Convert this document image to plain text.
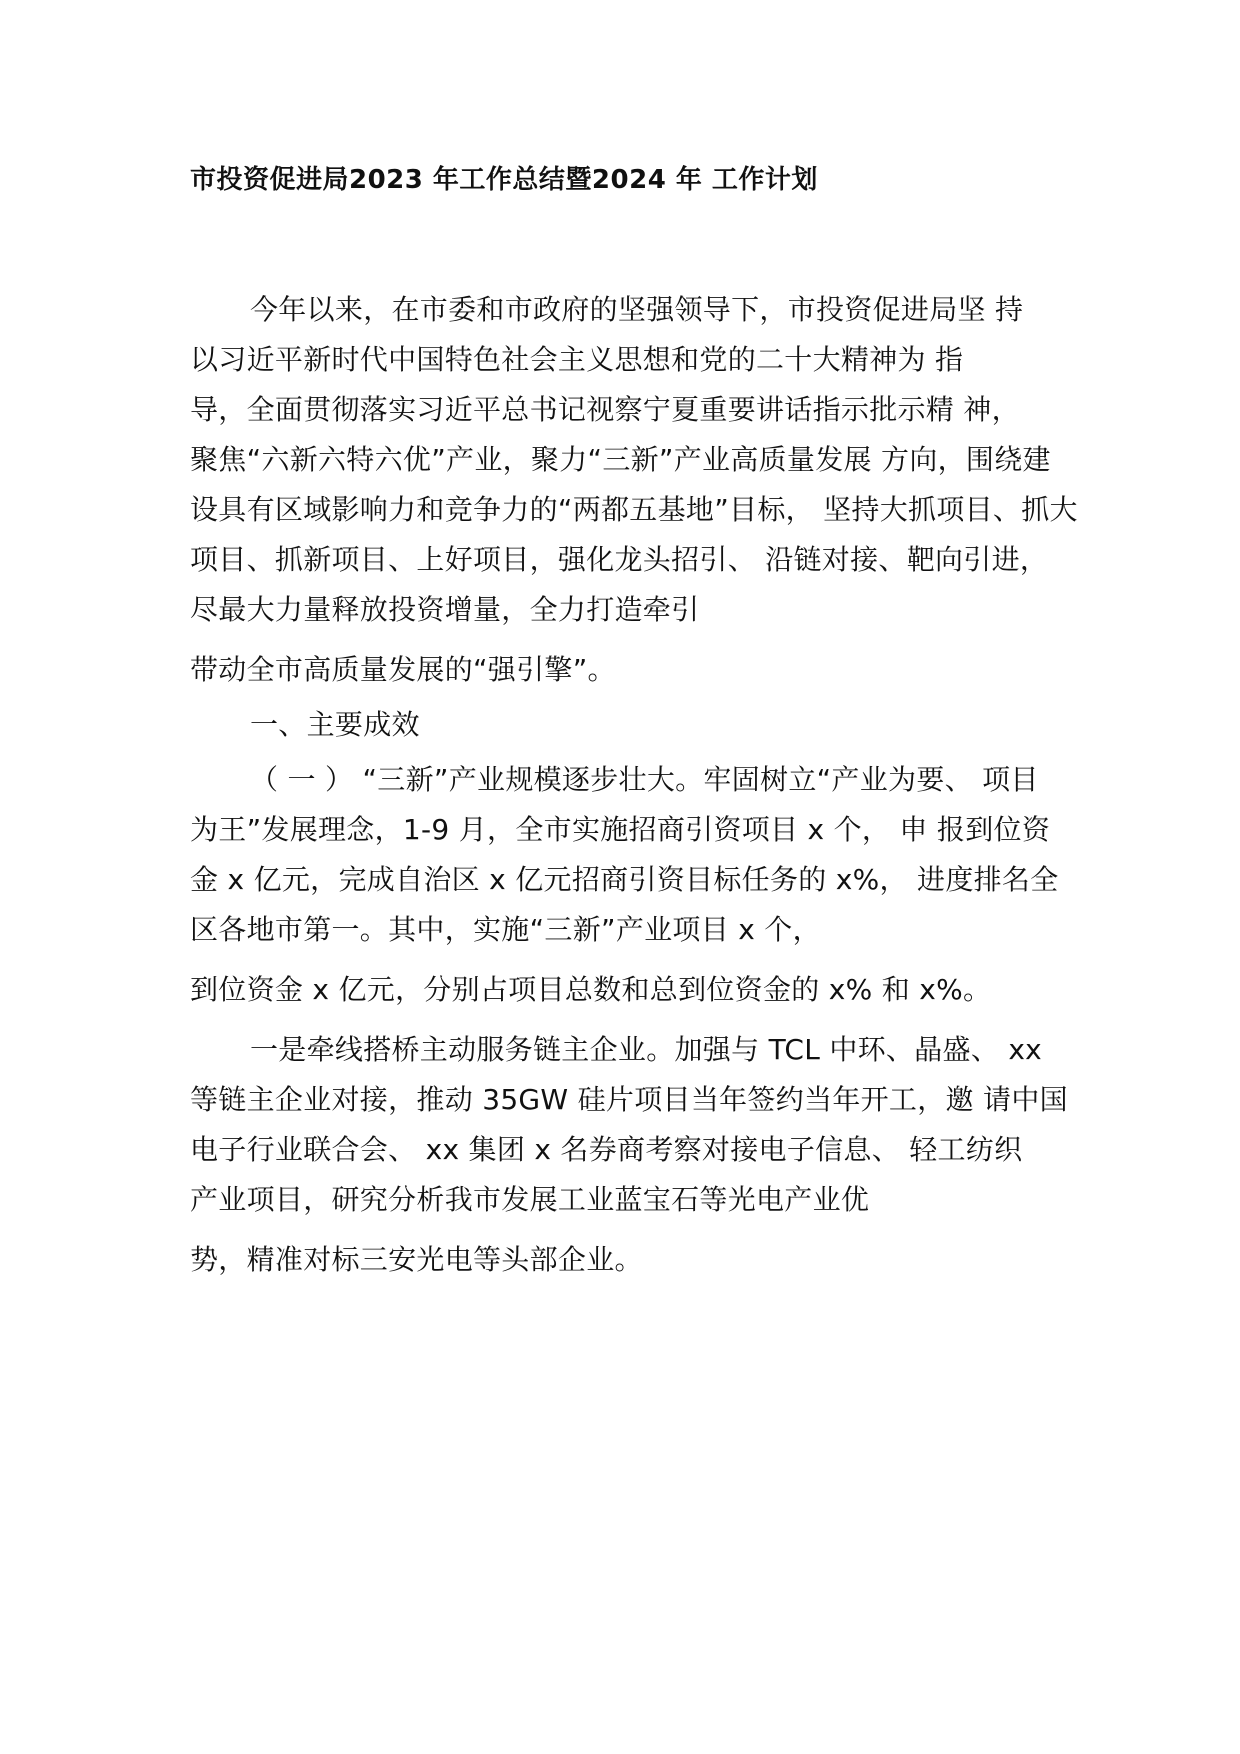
市投资促进局2023 年工作总结暨2024 年 工作计划
今年以来，在市委和市政府的坚强领导下，市投资促进局坚 持
以习近平新时代中国特色社会主义思想和党的二十大精神为 指
导，全面贯彻落实习近平总书记视察宁夏重要讲话指示批示精 神，
聚焦“六新六特六优”产业，聚力“三新”产业高质量发展 方向，围绕建
设具有区域影响力和竞争力的“两都五基地”目标， 坚持大抓项目、抓大
项目、抓新项目、上好项目，强化龙头招引、 沿链对接、靶向引进，
尽最大力量释放投资增量，全力打造牵引
带动全市高质量发展的“强引擎”。
一、主要成效
（ 一 ） “三新”产业规模逐步壮大。牢固树立“产业为要、 项目
为王”发展理念，1-9 月，全市实施招商引资项目 x 个， 申 报到位资
金 x 亿元，完成自治区 x 亿元招商引资目标任务的 x%， 进度排名全
区各地市第一。其中，实施“三新”产业项目 x 个，
到位资金 x 亿元，分别占项目总数和总到位资金的 x% 和 x%。
一是牵线搭桥主动服务链主企业。加强与 TCL 中环、晶盛、 xx
等链主企业对接，推动 35GW 硅片项目当年签约当年开工，邀 请中国
电子行业联合会、 xx 集团 x 名券商考察对接电子信息、 轻工纺织
产业项目，研究分析我市发展工业蓝宝石等光电产业优
势，精准对标三安光电等头部企业。
